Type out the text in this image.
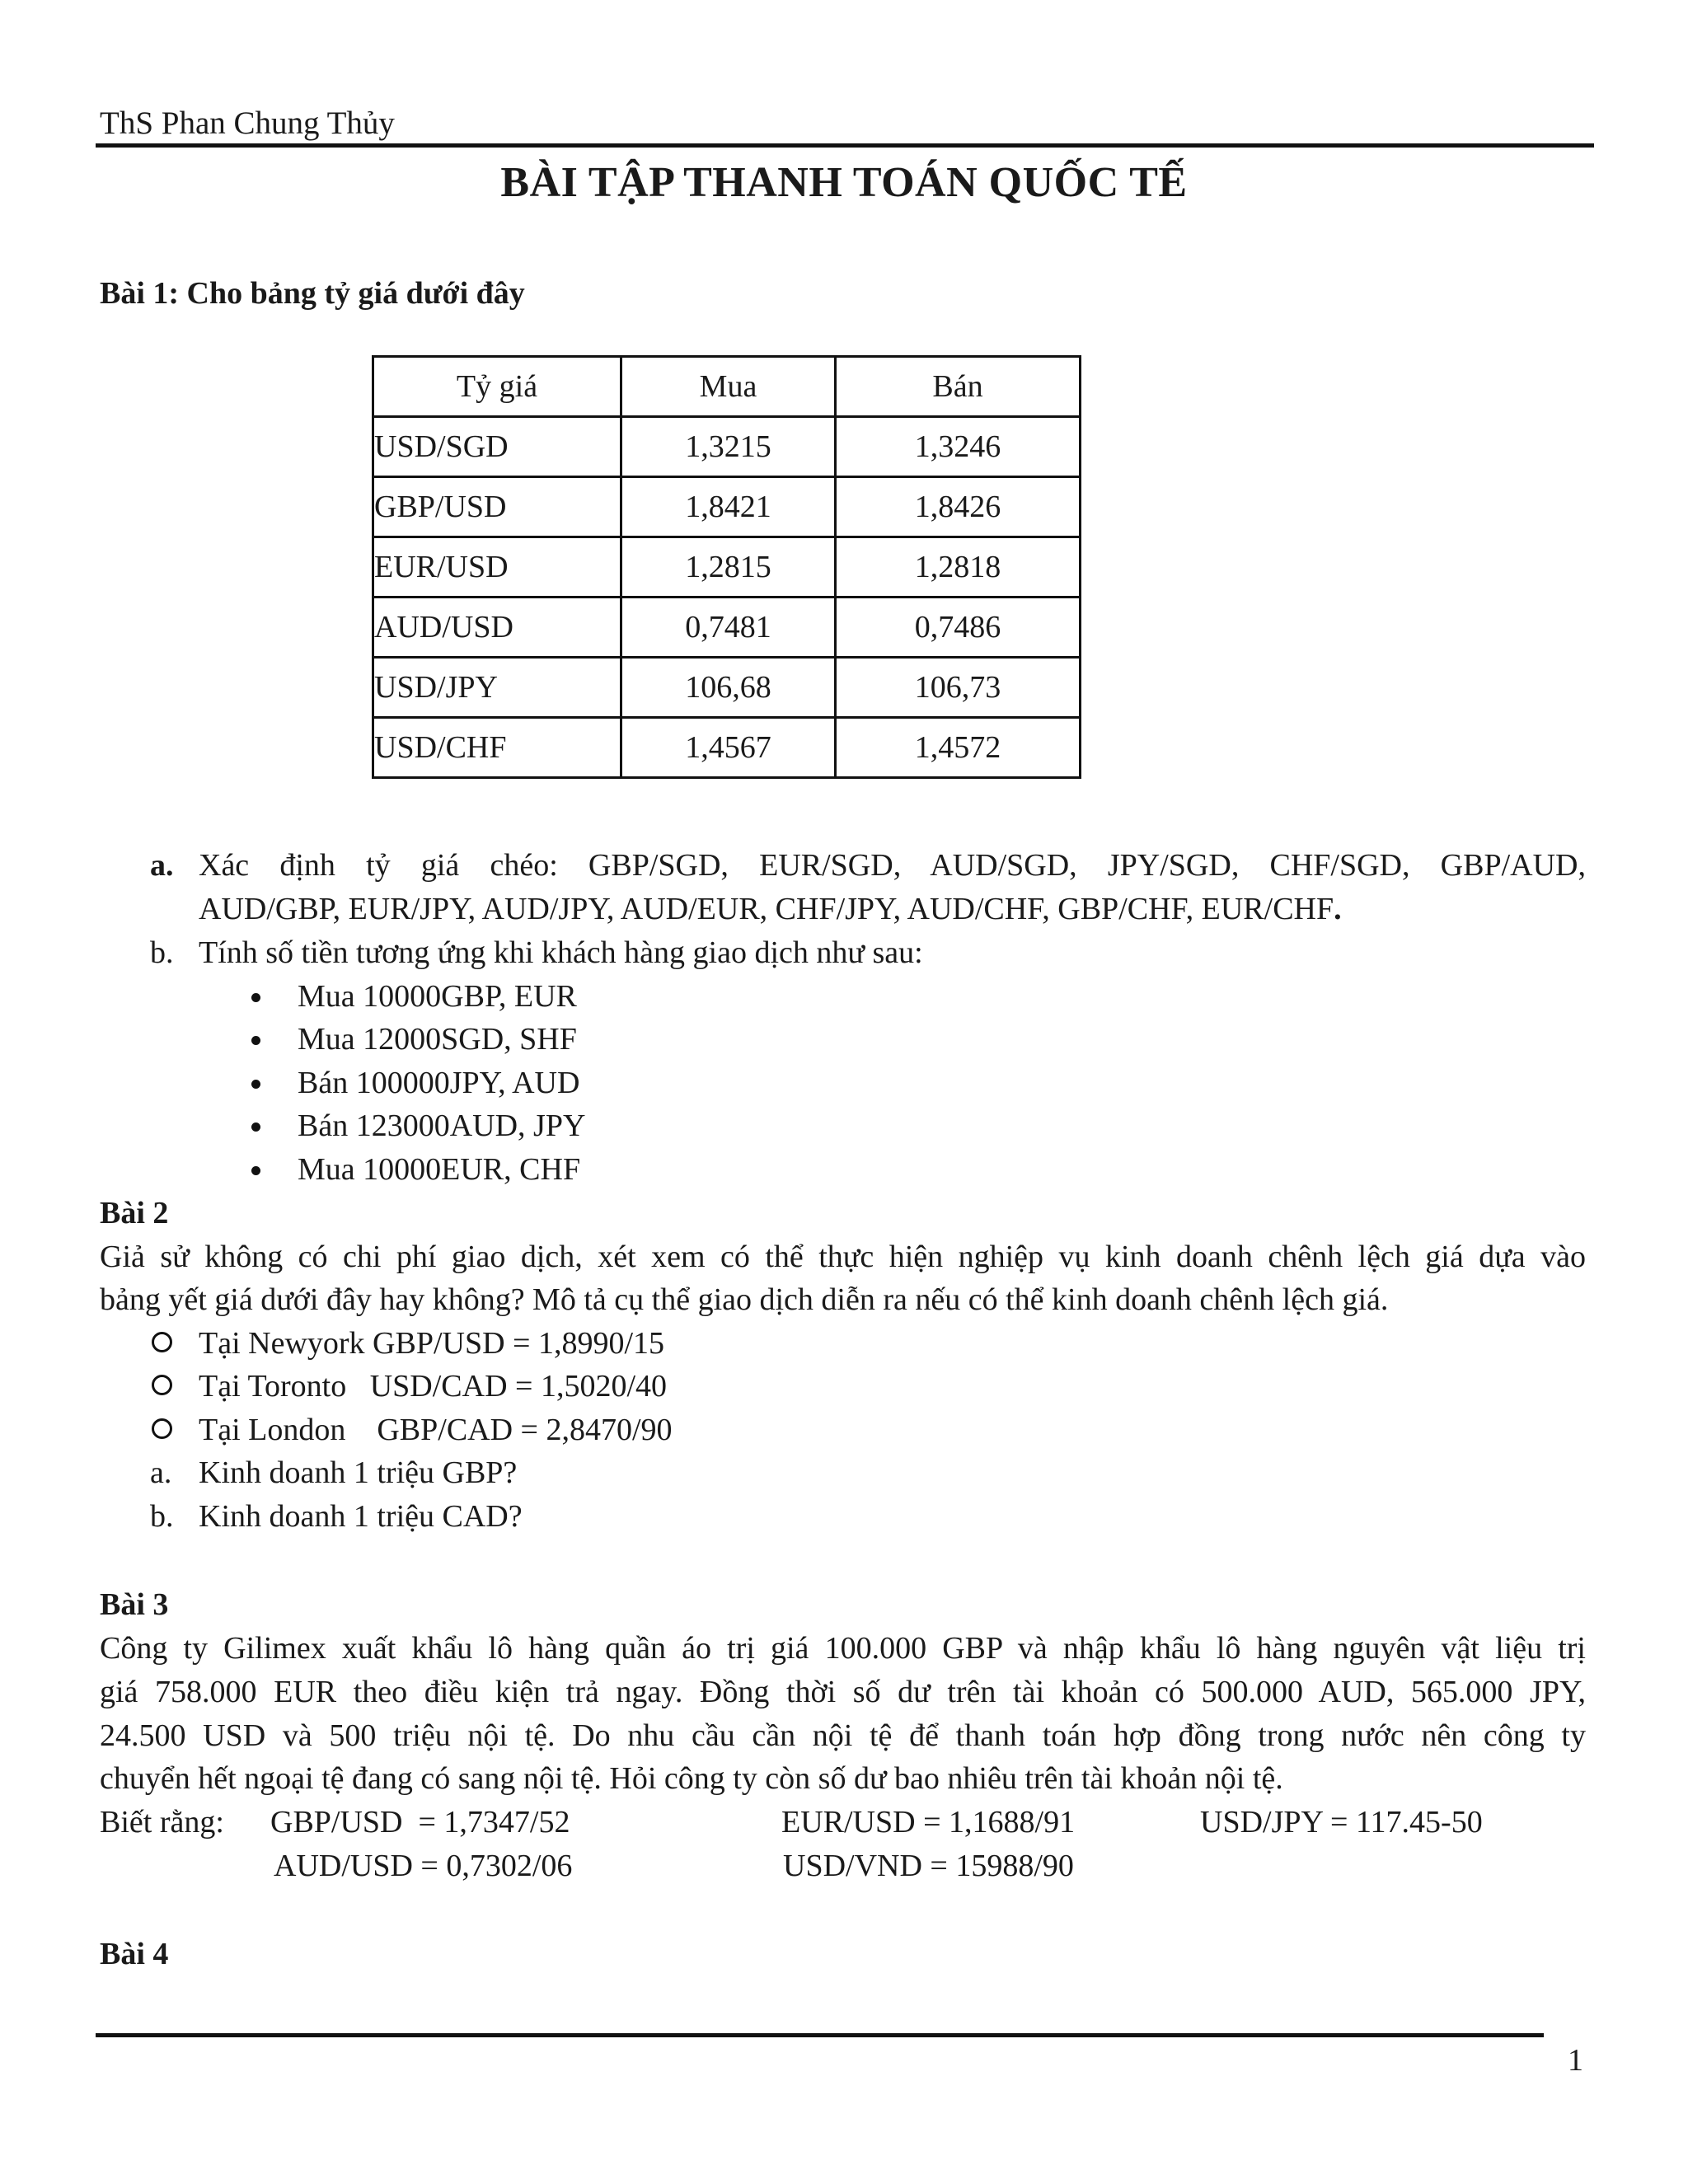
ThS Phan Chung Thủy
BÀI TẬP THANH TOÁN QUỐC TẾ
Bài 1: Cho bảng tỷ giá dưới đây
Tỷ giá	Mua	Bán
USD/SGD	1,3215	1,3246
GBP/USD	1,8421	1,8426
EUR/USD	1,2815	1,2818
AUD/USD	0,7481	0,7486
USD/JPY	106,68	106,73
USD/CHF	1,4567	1,4572
a. Xác định tỷ giá chéo: GBP/SGD, EUR/SGD, AUD/SGD, JPY/SGD, CHF/SGD, GBP/AUD,
AUD/GBP, EUR/JPY, AUD/JPY, AUD/EUR, CHF/JPY, AUD/CHF, GBP/CHF, EUR/CHF.
b. Tính số tiền tương ứng khi khách hàng giao dịch như sau:
Mua 10000GBP, EUR
Mua 12000SGD, SHF
Bán 100000JPY, AUD
Bán 123000AUD, JPY
Mua 10000EUR, CHF
Bài 2
Giả sử không có chi phí giao dịch, xét xem có thể thực hiện nghiệp vụ kinh doanh chênh lệch giá dựa vào
bảng yết giá dưới đây hay không? Mô tả cụ thể giao dịch diễn ra nếu có thể kinh doanh chênh lệch giá.
Tại Newyork GBP/USD = 1,8990/15
Tại Toronto   USD/CAD = 1,5020/40
Tại London    GBP/CAD = 2,8470/90
a. Kinh doanh 1 triệu GBP?
b. Kinh doanh 1 triệu CAD?
Bài 3
Công ty Gilimex xuất khẩu lô hàng quần áo trị giá 100.000 GBP và nhập khẩu lô hàng nguyên vật liệu trị
giá 758.000 EUR theo điều kiện trả ngay. Đồng thời số dư trên tài khoản có 500.000 AUD, 565.000 JPY,
24.500 USD và 500 triệu nội tệ. Do nhu cầu cần nội tệ để thanh toán hợp đồng trong nước nên công ty
chuyển hết ngoại tệ đang có sang nội tệ. Hỏi công ty còn số dư bao nhiêu trên tài khoản nội tệ.
Biết rằng: GBP/USD  = 1,7347/52	EUR/USD = 1,1688/91	USD/JPY = 117.45-50
AUD/USD = 0,7302/06	USD/VND = 15988/90
Bài 4
1
